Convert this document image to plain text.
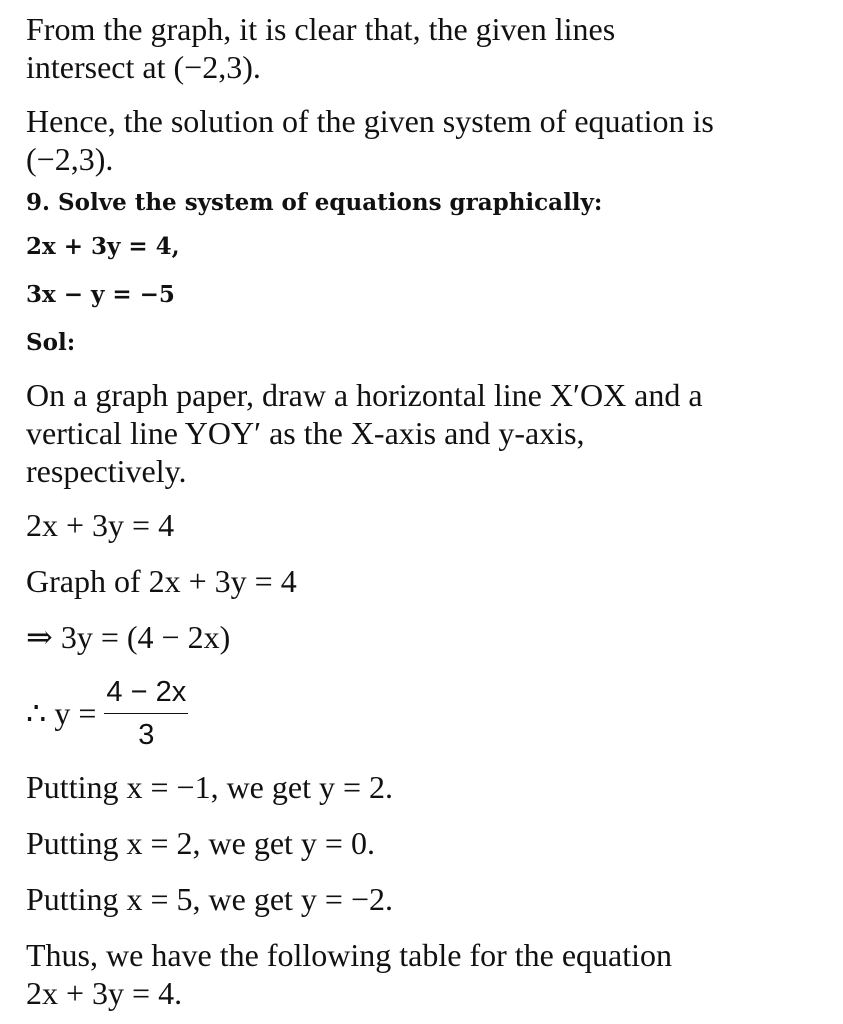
From the graph, it is clear that, the given lines
intersect at (−2,3).
Hence, the solution of the given system of equation is
(−2,3).
9. Solve the system of equations graphically:
2x + 3y = 4,
3x − y = −5
Sol:
On a graph paper, draw a horizontal line X′OX and a
vertical line YOY′ as the X-axis and y-axis,
respectively.
2x + 3y = 4
Graph of 2x + 3y = 4
⇒ 3y = (4 − 2x)
∴ $y = \frac{4 - 2x}{3}$
Putting x = −1, we get y = 2.
Putting x = 2, we get y = 0.
Putting x = 5, we get y = −2.
Thus, we have the following table for the equation
2x + 3y = 4.
